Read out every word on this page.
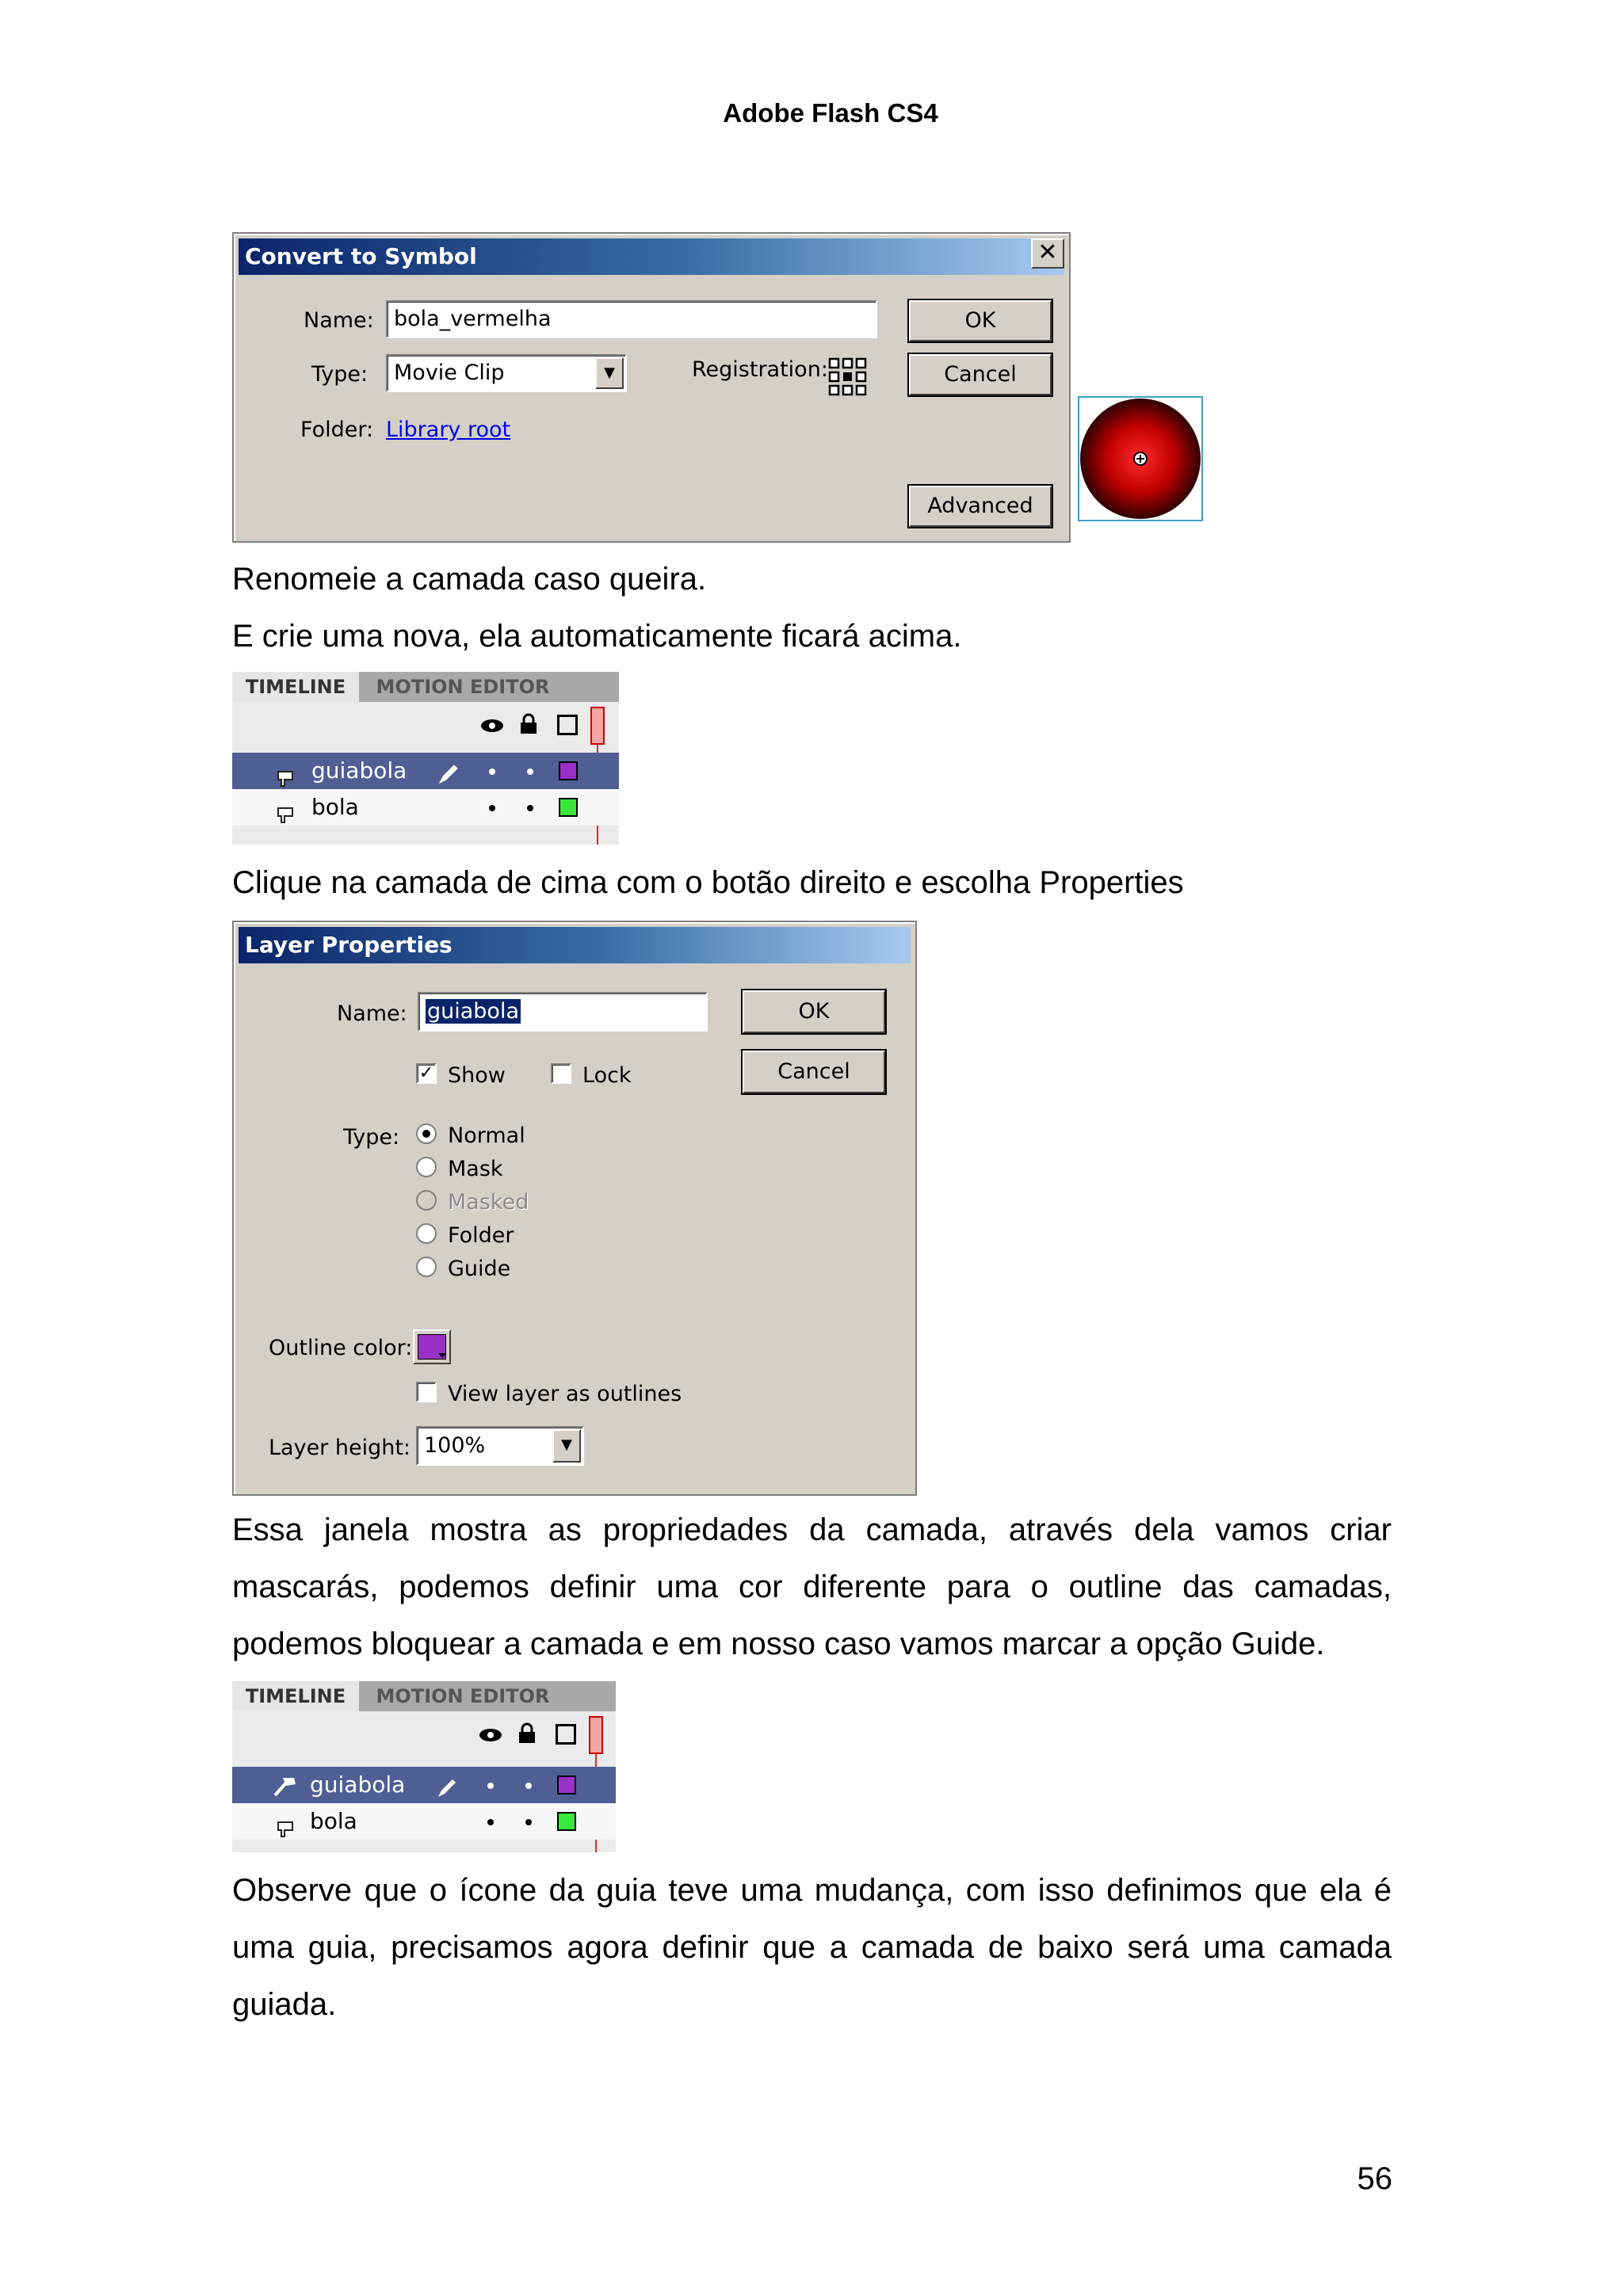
Adobe Flash CS4
Convert to Symbol	✕
Name: bola_vermelha
Type:	Movie Clip	▼	Registration:
Folder: Library root
OK
Cancel
Advanced
Renomeie a camada caso queira.
E crie uma nova, ela automaticamente ficará acima.
TIMELINE	MOTION EDITOR
guiabola
bola
Clique na camada de cima com o botão direito e escolha Properties
Layer Properties
Name: guiabola	OK
Cancel
✓ Show	Lock
Type: Normal
Mask
Masked
Folder
Guide
Outline color:
View layer as outlines
Layer height: 100%	▼
Essa janela mostra as propriedades da camada, através dela vamos criar mascarás, podemos definir uma cor diferente para o outline das camadas, podemos bloquear a camada e em nosso caso vamos marcar a opção Guide.
TIMELINE	MOTION EDITOR
guiabola
bola
Observe que o ícone da guia teve uma mudança, com isso definimos que ela é uma guia, precisamos agora definir que a camada de baixo será uma camada guiada.
56
